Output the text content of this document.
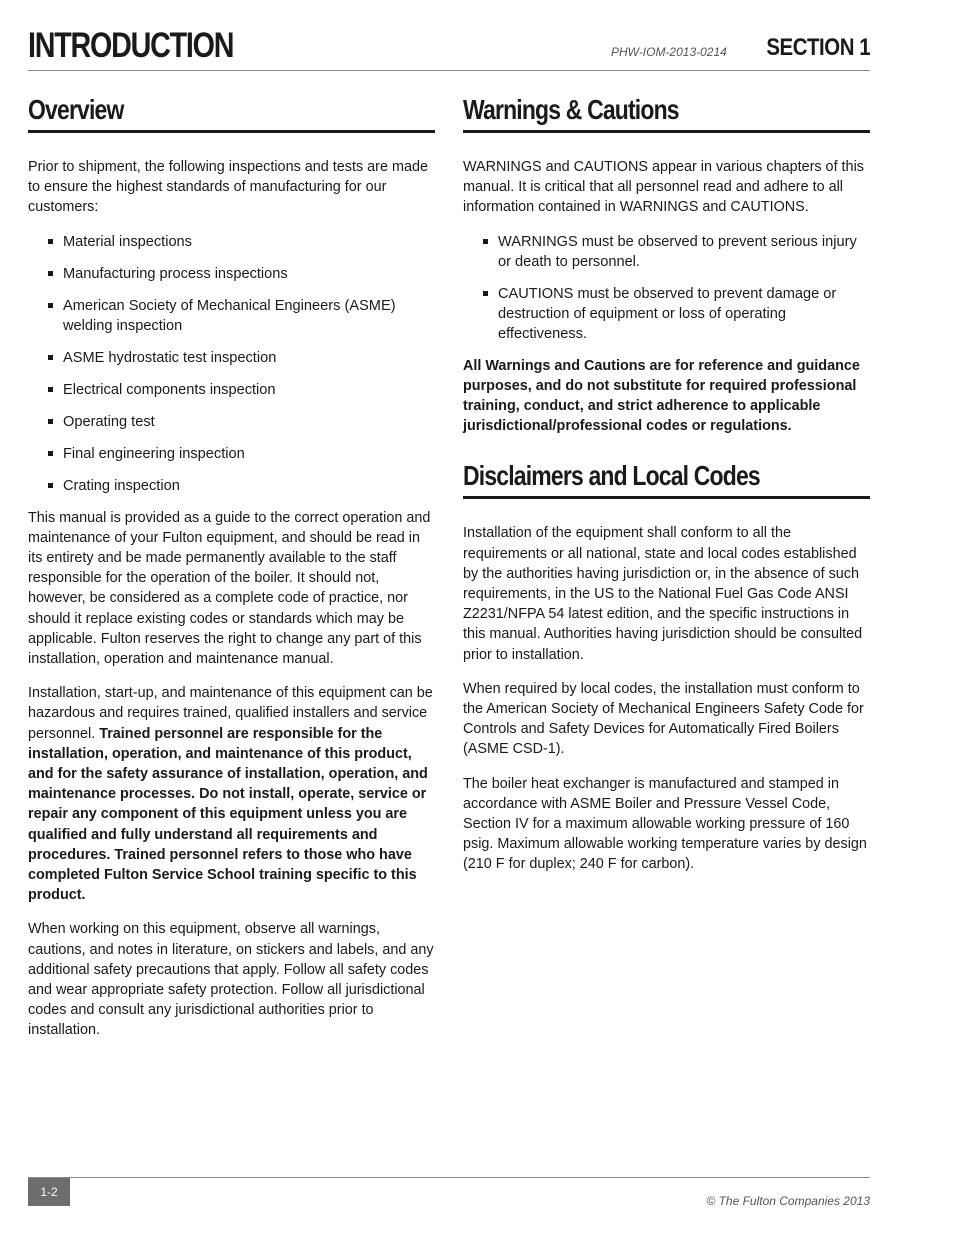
INTRODUCTION	PHW-IOM-2013-0214 SECTION 1
Overview

Prior to shipment, the following inspections and tests are made to ensure the highest standards of manufacturing for our customers:

Material inspections
Manufacturing process inspections
American Society of Mechanical Engineers (ASME) welding inspection
ASME hydrostatic test inspection
Electrical components inspection
Operating test
Final engineering inspection
Crating inspection

This manual is provided as a guide to the correct operation and maintenance of your Fulton equipment, and should be read in its entirety and be made permanently available to the staff responsible for the operation of the boiler. It should not, however, be considered as a complete code of practice, nor should it replace existing codes or standards which may be applicable. Fulton reserves the right to change any part of this installation, operation and maintenance manual.

Installation, start-up, and maintenance of this equipment can be hazardous and requires trained, qualified installers and service personnel. Trained personnel are responsible for the installation, operation, and maintenance of this product, and for the safety assurance of installation, operation, and maintenance processes. Do not install, operate, service or repair any component of this equipment unless you are qualified and fully understand all requirements and procedures. Trained personnel refers to those who have completed Fulton Service School training specific to this product.

When working on this equipment, observe all warnings, cautions, and notes in literature, on stickers and labels, and any additional safety precautions that apply. Follow all safety codes and wear appropriate safety protection. Follow all jurisdictional codes and consult any jurisdictional authorities prior to installation.

Warnings & Cautions

WARNINGS and CAUTIONS appear in various chapters of this manual. It is critical that all personnel read and adhere to all information contained in WARNINGS and CAUTIONS.

WARNINGS must be observed to prevent serious injury or death to personnel.
CAUTIONS must be observed to prevent damage or destruction of equipment or loss of operating effectiveness.

All Warnings and Cautions are for reference and guidance purposes, and do not substitute for required professional training, conduct, and strict adherence to applicable jurisdictional/professional codes or regulations.

Disclaimers and Local Codes

Installation of the equipment shall conform to all the requirements or all national, state and local codes established by the authorities having jurisdiction or, in the absence of such requirements, in the US to the National Fuel Gas Code ANSI Z2231/NFPA 54 latest edition, and the specific instructions in this manual. Authorities having jurisdiction should be consulted prior to installation.

When required by local codes, the installation must conform to the American Society of Mechanical Engineers Safety Code for Controls and Safety Devices for Automatically Fired Boilers (ASME CSD-1).

The boiler heat exchanger is manufactured and stamped in accordance with ASME Boiler and Pressure Vessel Code, Section IV for a maximum allowable working pressure of 160 psig. Maximum allowable working temperature varies by design (210 F for duplex; 240 F for carbon).

1-2
© The Fulton Companies 2013
